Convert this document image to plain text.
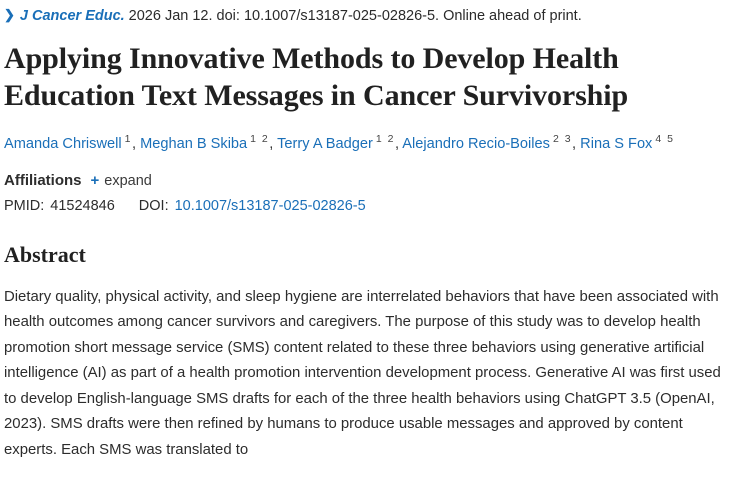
❯ J Cancer Educ. 2026 Jan 12. doi: 10.1007/s13187-025-02826-5. Online ahead of print.
Applying Innovative Methods to Develop Health Education Text Messages in Cancer Survivorship
Amanda Chriswell $^1$, Meghan B Skiba $^{1 2}$, Terry A Badger $^{1 2}$, Alejandro Recio-Boiles $^{2 3}$, Rina S Fox $^{4 5}$
Affiliations + expand
PMID: 41524846 DOI: 10.1007/s13187-025-02826-5
Abstract

Dietary quality, physical activity, and sleep hygiene are interrelated behaviors that have been associated with health outcomes among cancer survivors and caregivers. The purpose of this study was to develop health promotion short message service (SMS) content related to these three behaviors using generative artificial intelligence (AI) as part of a health promotion intervention development process. Generative AI was first used to develop English-language SMS drafts for each of the three health behaviors using ChatGPT 3.5 (OpenAI, 2023). SMS drafts were then refined by humans to produce usable messages and approved by content experts. Each SMS was translated to
